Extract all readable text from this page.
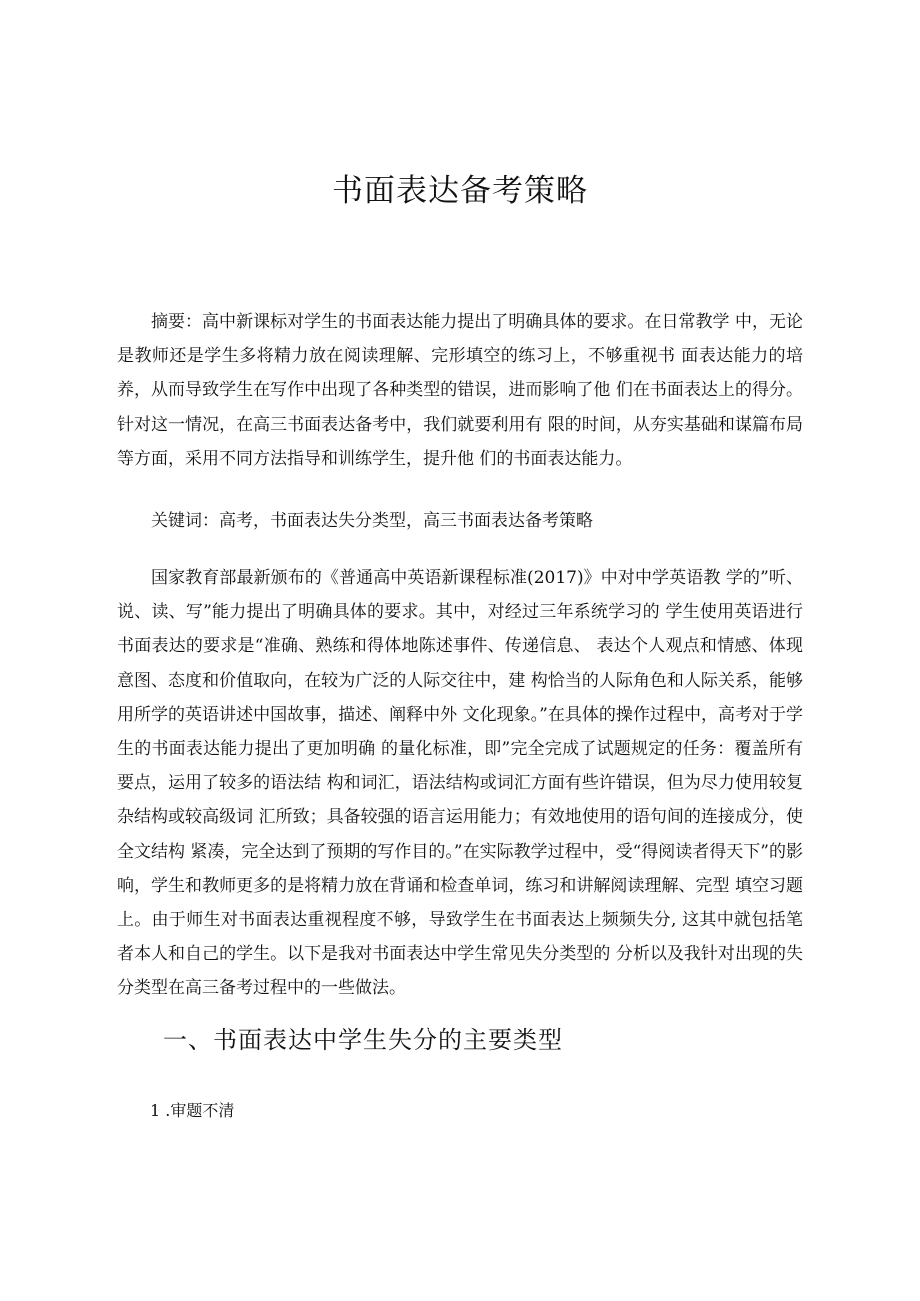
书面表达备考策略

摘要：高中新课标对学生的书面表达能力提出了明确具体的要求。在日常教学 中，无论是教师还是学生多将精力放在阅读理解、完形填空的练习上，不够重视书 面表达能力的培养，从而导致学生在写作中出现了各种类型的错误，进而影响了他 们在书面表达上的得分。针对这一情况，在高三书面表达备考中，我们就要利用有 限的时间，从夯实基础和谋篇布局等方面，采用不同方法指导和训练学生，提升他 们的书面表达能力。

关键词：高考，书面表达失分类型，高三书面表达备考策略

国家教育部最新颁布的《普通高中英语新课程标准(2017)》中对中学英语教 学的”听、说、读、写”能力提出了明确具体的要求。其中，对经过三年系统学习的 学生使用英语进行书面表达的要求是“准确、熟练和得体地陈述事件、传递信息、 表达个人观点和情感、体现意图、态度和价值取向，在较为广泛的人际交往中，建 构恰当的人际角色和人际关系，能够用所学的英语讲述中国故事，描述、阐释中外 文化现象。”在具体的操作过程中，高考对于学生的书面表达能力提出了更加明确 的量化标准，即”完全完成了试题规定的任务：覆盖所有要点，运用了较多的语法结 构和词汇，语法结构或词汇方面有些许错误，但为尽力使用较复杂结构或较高级词 汇所致；具备较强的语言运用能力；有效地使用的语句间的连接成分，使全文结构 紧凑，完全达到了预期的写作目的。”在实际教学过程中，受“得阅读者得天下”的影 响，学生和教师更多的是将精力放在背诵和检查单词，练习和讲解阅读理解、完型 填空习题上。由于师生对书面表达重视程度不够，导致学生在书面表达上频频失分, 这其中就包括笔者本人和自己的学生。以下是我对书面表达中学生常见失分类型的 分析以及我针对出现的失分类型在高三备考过程中的一些做法。

一、书面表达中学生失分的主要类型

1 .审题不清
